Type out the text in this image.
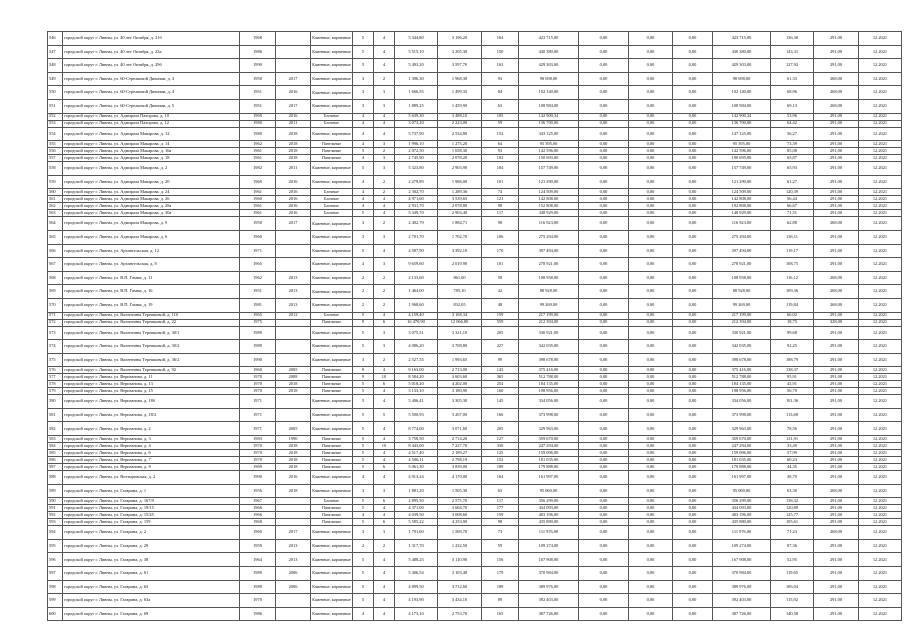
546	городской округ г. Ливны, ул. 40 лет Октября, д. 21б	1968		Каменные, кирпичные	5	4	5 344,80	3 196,20	164	423 715,00	0,00	0,00	0,00	423 715,00	136,30	291,00	12.2021
547	городской округ г. Ливны, ул. 40 лет Октября, д. 23а	1986		Каменные, кирпичные	5	4	5 515,10	3 205,30	150	430 380,00	0,00	0,00	0,00	430 380,00	143,31	291,00	12.2021
548	городской округ г. Ливны, ул. 40 лет Октября, д. 29б	1990		Каменные, кирпичные	5	4	5 493,20	3 597,70	163	429 303,00	0,00	0,00	0,00	429 303,00	127,92	291,00	12.2021
549	городской округ г. Ливны, ул. 60-Стрелковой Дивизии, д. 3	1950	2017	Каменные, кирпичные	3	2	1 396,30	1 968,38	93	98 698,00	0,00	0,00	0,00	98 698,00	61,33	268,00	12.2021
550	городской округ г. Ливны, ул. 60-Стрелковой Дивизии, д. 4	1951	2016	Каменные, кирпичные	3	3	1 666,55	1 499,35	84	102 140,00	0,00	0,00	0,00	102 140,00	68,96	268,00	12.2021
551	городской округ г. Ливны, ул. 60-Стрелковой Дивизии, д. 5	1951	2017	Каменные, кирпичные	3	3	1 889,25	1 459,90	63	108 984,00	0,00	0,00	0,00	108 984,00	69,13	268,00	12.2021
552	городской округ г. Ливны, ул. Адмирала Пахорова, д. 10	1969	2016	Блочные	4	4	5 639,30	3 488,10	105	142 900,34	0,00	0,00	0,00	142 900,34	53,96	291,00	12.2021
553	городской округ г. Ливны, ул. Адмирала Пахорова, д. 12	1980	2011	Блочные	4	4	3 073,10	2 223,00	59	136 700,00	0,00	0,00	0,00	136 700,00	64,42	291,00	12.2021
554	городской округ г. Ливны, ул. Адмирала Макарова, д. 12	1980	2018	Каменные, кирпичные	4	4	5 737,90	2 534,80	152	343 125,00	0,00	0,00	0,00	147 125,00	56,27	291,00	12.2021
555	городской округ г. Ливны, ул. Адмирала Макарова, д. 14	1962	2018	Панельные	4	3	1 996,10	1 275,20	64	95 395,00	0,00	0,00	0,00	95 395,00	73,39	291,00	12.2021
556	городской округ г. Ливны, ул. Адмирала Макарова, д. 16а	1961	2018	Панельные	5	2	2 072,50	1 658,30	93	142 596,00	0,00	0,00	0,00	142 596,00	85,08	291,00	12.2021
557	городской округ г. Ливны, ул. Адмирала Макарова, д. 18	1961	2018	Панельные	4	3	2 745,90	2 078,20	102	150 693,00	0,00	0,00	0,00	190 695,00	65,87	291,00	12.2021
558	городской округ г. Ливны, ул. Адмирала Макарова, д. 2	1982	2011	Каменные, кирпичные	5	3	5 323,80	2 903,90	184	157 749,00	0,00	0,00	0,00	157 749,00	65,93	291,00	12.2021
559	городской округ г. Ливны, ул. Адмирала Макарова, д. 20	1960	2016	Каменные, кирпичные	4	2	2 279,89	1 986,00	101	121 290,00	0,00	0,00	0,00	121 290,00	61,27	291,00	12.2021
560	городской округ г. Ливны, ул. Адмирала Макарова, д. 24	1961	2016	Блочные	4	2	2 302,70	1 289,36	74	124 509,00	0,00	0,00	0,00	124 509,00	120,39	291,00	12.2021
561	городской округ г. Ливны, ул. Адмирала Макарова, д. 26	1960	2016	Блочные	4	4	4 971,60	3 539,65	121	142 808,00	0,00	0,00	0,00	142 808,00	56,44	291,00	12.2021
562	городской округ г. Ливны, ул. Адмирала Макарова, д. 28а	1961	2016	Блочные	4	4	2 931,70	2 078,80	98	152 808,00	0,00	0,00	0,00	192 808,00	66,67	291,00	12.2021
563	городской округ г. Ливны, ул. Адмирала Макарова, д. 30а	1961	2016	Блочные	5	4	5 349,70	2 903,40	117	348 929,00	0,00	0,00	0,00	148 929,00	71,51	291,00	12.2021
564	городской округ г. Ливны, ул. Адмирала Макарова, д. 9	1950	2017	Каменные, кирпичные	3	2	2 402,79	1 884,71	98	116 923,00	0,00	0,00	0,00	116 923,00	62,88	268,00	12.2021
565	городской округ г. Ливны, ул. Адмирала Макарова, д. 6	1960		Каменные, кирпичные	3	3	2 701,70	1 702,70	106	275 294,00	0,00	0,00	0,00	275 294,00	136,11	291,00	12.2021
566	городской округ г. Ливны, ул. Архангельская, д. 12	1971		Каменные, кирпичные	5	4	4 587,90	3 392,10	170	397 494,00	0,00	0,00	0,00	397 494,00	119,17	291,00	12.2021
567	городской округ г. Ливны, ул. Архангельская, д. 8	1965		Каменные, кирпичные	4	3	9 659,60	2 019,90	101	278 921,00	0,00	0,00	0,00	278 921,00	108,75	291,00	12.2021
568	городской округ г. Ливны, ул. В.П. Гамма, д. 11	1962	2013	Каменные, кирпичные	2	2	2 133,60	861,00	58	108 958,00	0,00	0,00	0,00	108 958,00	116,12	268,00	12.2021
569	городской округ г. Ливны, ул. В.П. Гамма, д. 16	1951	2013	Каменные, кирпичные	2	2	1 464,00	785,10	42	88 928,00	0,00	0,00	0,00	88 928,00	109,36	268,00	12.2021
570	городской округ г. Ливны, ул. В.П. Гамма, д. 19	1981	2013	Каменные, кирпичные	2	2	1 968,60	832,05	48	99 269,00	0,00	0,00	0,00	99 269,00	119,84	268,00	12.2021
571	городской округ г. Ливны, ул. Валентины Терешковой, д. 11б	1965	2012	Блочные	5	4	4 159,40	3 168,34	159	217 199,00	0,00	0,00	0,00	217 199,00	66,02	291,00	12.2021
572	городской округ г. Ливны, ул. Валентины Терешковой, д. 22	1975		Панельные	9	6	16 470,90	12 066,80	559	212 394,00	0,00	0,00	0,00	212 394,00	18,75	328,00	12.2021
573	городской округ г. Ливны, ул. Валентины Терешковой, д. 30/1	1989		Каменные, кирпичные	5	3	3 075,51	3 321,10	205	330 921,00	0,00	0,00	0,00	330 921,00	99,68	291,00	12.2021
574	городской округ г. Ливны, ул. Валентины Терешковой, д. 30/2	1989		Каменные, кирпичные	5	3	4 086,20	3 708,80	227	342 035,00	0,00	0,00	0,00	342 035,00	92,25	291,00	12.2021
575	городской округ г. Ливны, ул. Валентины Терешковой, д. 36/2	1990		Каменные, кирпичные	3	2	2 527,55	1 993,65	99	398 678,00	0,00	0,00	0,00	398 678,00	188,79	291,00	12.2021
576	городской округ г. Ливны, ул. Валентины Терешковой, д. 92	1960	2005	Панельные	9	4	9 163,00	2 713,00	143	375 416,00	0,00	0,00	0,00	375 416,00	138,37	291,00	12.2021
577	городской округ г. Ливны, ул. Веризанова, д. 11	1970	2008	Панельные	9	10	8 584,20	3 603,60	365	512 788,00	0,00	0,00	0,00	512 788,00	95,91	291,00	12.2021
578	городской округ г. Ливны, ул. Веризанова, д. 13	1970	2018	Панельные	5	6	5 018,20	4 202,00	254	184 135,00	0,00	0,00	0,00	184 135,00	43,91	291,00	12.2021
579	городской округ г. Ливны, ул. Веризанова, д. 15	1970	2018	Панельные	5	4	3 133,10	3 180,90	160	198 956,00	0,00	0,00	0,00	198 956,00	56,70	291,00	12.2021
580	городской округ г. Ливны, ул. Веризанова, д. 18б	1971		Каменные, кирпичные	5	4	5 406,41	3 305,30	145	334 056,00	0,00	0,00	0,00	334 056,00	101,36	291,00	12.2021
581	городской округ г. Ливны, ул. Веризанова, д. 18/2	1971		Каменные, кирпичные	5	5	5 500,93	3 267,00	166	373 998,00	0,00	0,00	0,00	373 998,00	113,68	291,00	12.2021
582	городской округ г. Ливны, ул. Веризанова, д. 2	1971	2005	Каменные, кирпичные	5	4	8 774,00	3 071,60	205	329 963,00	0,00	0,00	0,00	329 963,00	78,56	291,00	12.2021
583	городской округ г. Ливны, ул. Веризанова, д. 3	1983	1990	Панельные	5	4	3 758,50	2 714,20	127	359 670,00	0,00	0,00	0,00	359 670,00	131,91	291,00	12.2021
584	городской округ г. Ливны, ул. Веризанова, д. 4	1970	2018	Панельные	5	10	8 443,00	7 227,70	330	247 294,00	0,00	0,00	0,00	247 294,00	33,49	291,00	12.2021
585	городской округ г. Ливны, ул. Веризанова, д. 6	1970	2018	Панельные	5	4	4 517,40	2 189,27	125	159 096,00	0,00	0,00	0,00	159 096,00	57,99	291,00	12.2021
586	городской округ г. Ливны, ул. Веризанова, д. 7	1970	2018	Панельные	5	4	4 506,11	2 798,19	152	181 035,00	0,00	0,00	0,00	181 035,00	60,23	291,00	12.2021
587	городской округ г. Ливны, ул. Веризанова, д. 8	1969	2018	Панельные	5	6	5 061,30	3 839,00	189	179 888,00	0,00	0,00	0,00	179 888,00	44,35	291,00	12.2021
588	городской округ г. Ливны, ул. Вохтыревская, д. 2	1990	2016	Каменные, кирпичные	4	4	4 913,24	4 170,00	164	161 997,00	0,00	0,00	0,00	161 997,00	38,70	291,00	12.2021
589	городской округ г. Ливны, ул. Гагарина, д. 1	1956	2018	Каменные, кирпичные	3	3	1 881,20	1 505,30	63	95 060,00	0,00	0,00	0,00	95 060,00	63,30	268,00	12.2021
590	городской округ г. Ливны, ул. Гагарина, д. 167/9	1967		Блочные	5	6	2 895,50	2 575,70	117	356 299,00	0,00	0,00	0,00	356 299,00	138,32	291,00	12.2021
591	городской округ г. Ливны, ул. Гагарина, д. 19/15	1966		Панельные	5	4	4 371,00	3 604,70	177	434 093,00	0,00	0,00	0,00	434 093,00	120,89	291,00	12.2021
592	городской округ г. Ливны, ул. Гагарина, д. 15/45	1966		Панельные	4	4	4 039,50	3 008,60	159	403 196,00	0,00	0,00	0,00	403 196,00	125,77	291,00	12.2021
593	городской округ г. Ливны, ул. Гагарина, д. 159	1968		Панельные	5	6	5 585,22	4 253,90	98	435 880,00	0,00	0,00	0,00	435 880,00	105,61	291,00	12.2021
594	городской округ г. Ливны, ул. Гагарина, д. 2	1960	2017	Каменные, кирпичные	3	3	1 791,60	1 569,70	73	111 976,00	0,00	0,00	0,00	111 976,00	71,23	268,00	12.2021
595	городской округ г. Ливны, ул. Гагарина, д. 29	1959	2013	Каменные, кирпичные	2	2	1 317,70	1 232,50	59	109 274,00	0,00	0,00	0,00	109 274,00	87,36	291,00	12.2021
596	городской округ г. Ливны, ул. Гагарина, д. 38	1964	2013	Каменные, кирпичные	5	4	5 488,25	3 110,90	156	167 908,00	0,00	0,00	0,00	167 908,00	52,95	291,00	12.2021
597	городской округ г. Ливны, ул. Гагарина, д. 61	1989	2006	Каменные, кирпичные	5	4	5 406,54	3 103,48	179	370 984,00	0,00	0,00	0,00	370 984,00	119,65	291,00	12.2021
598	городской округ г. Ливны, ул. Гагарина, д. 63	1989	2006	Каменные, кирпичные	5	4	4 899,50	3 712,60	189	389 976,00	0,00	0,00	0,00	389 976,00	106,04	291,00	12.2021
599	городской округ г. Ливны, ул. Гагарина, д. 63а	1970		Каменные, кирпичные	5	4	4 193,90	3 434,10	89	392 403,00	0,00	0,00	0,00	392 403,00	115,92	291,00	12.2021
600	городской округ г. Ливны, ул. Гагарина, д. 69	1986		Каменные, кирпичные	4	4	4 173,10	2 753,70	165	387 726,00	0,00	0,00	0,00	387 726,00	140,58	291,00	12.2021
